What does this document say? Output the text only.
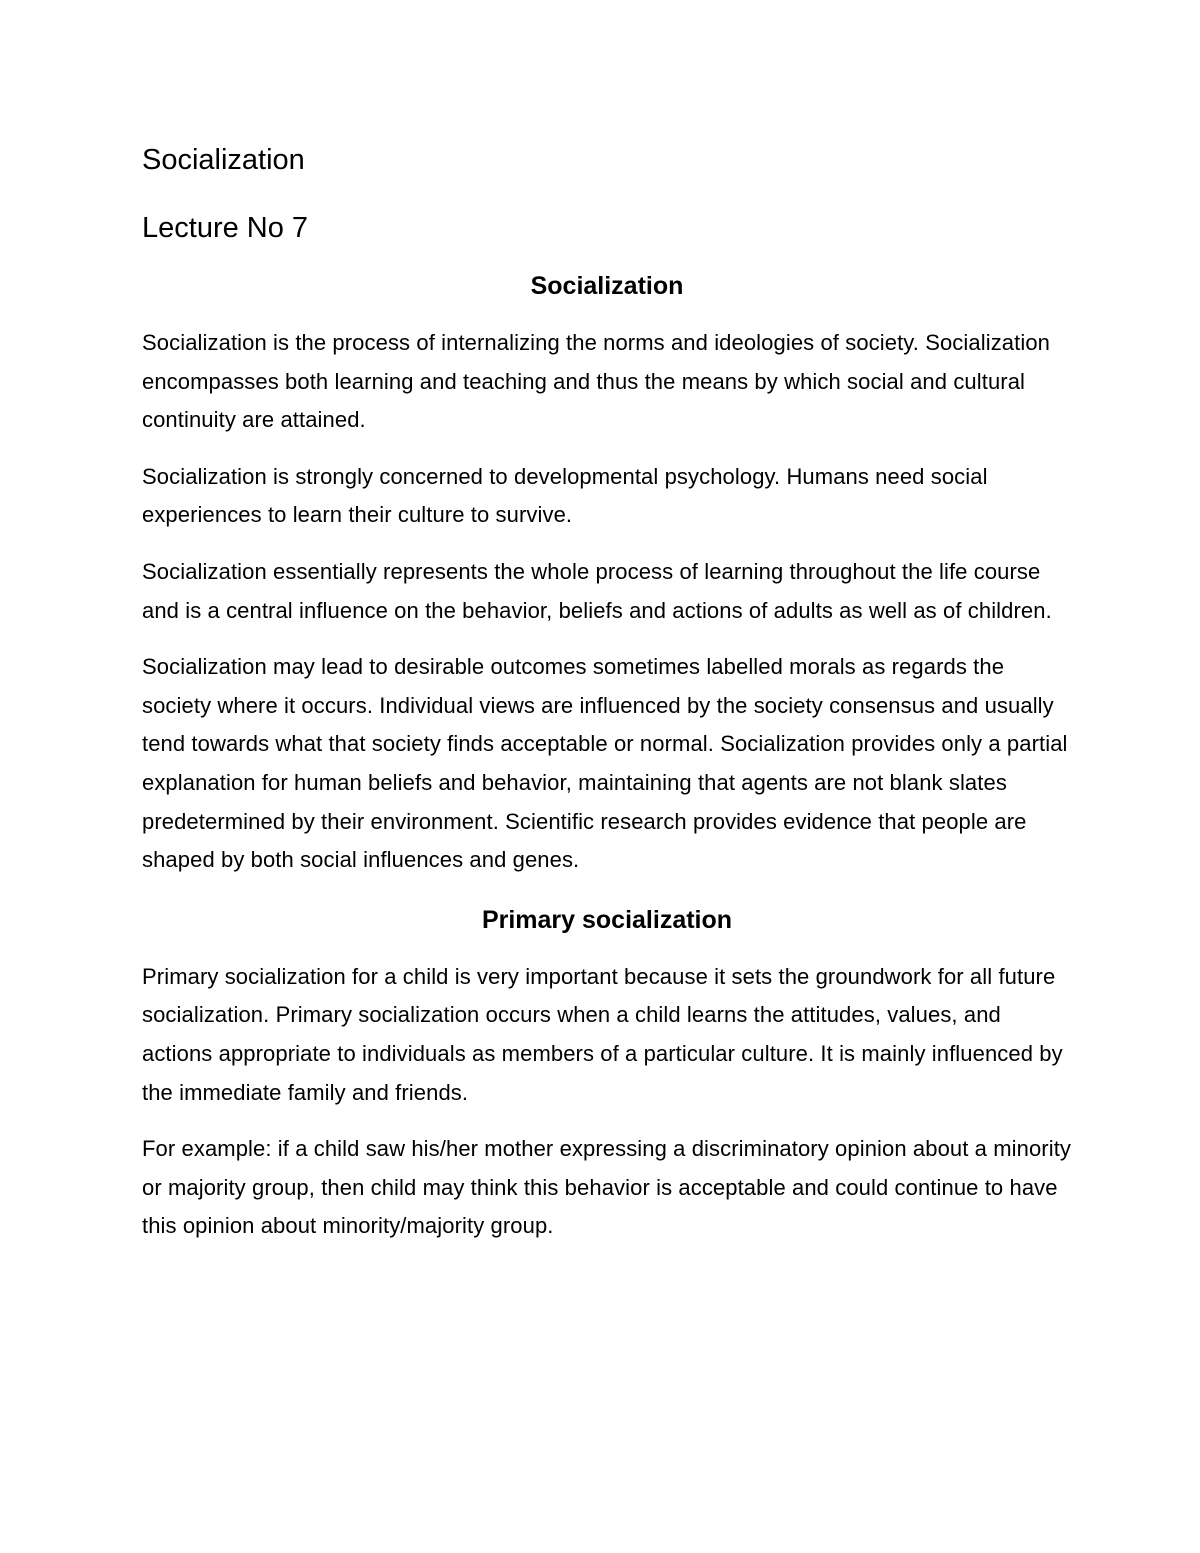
Socialization
Lecture No 7
Socialization

Socialization is the process of internalizing the norms and ideologies of society. Socialization encompasses both learning and teaching and thus the means by which social and cultural continuity are attained.

Socialization is strongly concerned to developmental psychology. Humans need social experiences to learn their culture to survive.

Socialization essentially represents the whole process of learning throughout the life course and is a central influence on the behavior, beliefs and actions of adults as well as of children.

Socialization may lead to desirable outcomes sometimes labelled morals as regards the society where it occurs. Individual views are influenced by the society consensus and usually tend towards what that society finds acceptable or normal. Socialization provides only a partial explanation for human beliefs and behavior, maintaining that agents are not blank slates predetermined by their environment. Scientific research provides evidence that people are shaped by both social influences and genes.

Primary socialization

Primary socialization for a child is very important because it sets the groundwork for all future socialization. Primary socialization occurs when a child learns the attitudes, values, and actions appropriate to individuals as members of a particular culture. It is mainly influenced by the immediate family and friends.

For example: if a child saw his/her mother expressing a discriminatory opinion about a minority or majority group, then child may think this behavior is acceptable and could continue to have this opinion about minority/majority group.
